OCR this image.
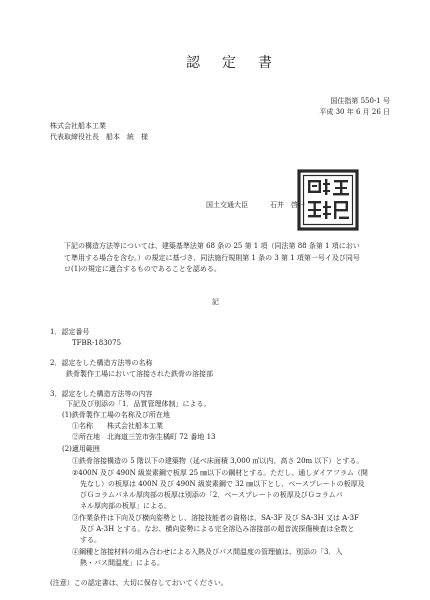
認　定　書
国住指第 550-1 号
平成 30 年 6 月 26 日
株式会社船本工業
代表取締役社長　船本　統　様
国土交通大臣	石井　啓一
下記の構造方法等については、建築基準法第 68 条の 25 第 1 項（同法第 88 条第 1 項におい
て準用する場合を含む。）の規定に基づき、同法施行規則第 1 条の 3 第 1 項第一号イ及び同号
ロ(1)の規定に適合するものであることを認める。
記
1．認定番号
TFBR-183075
2．認定をした構造方法等の名称
鉄骨製作工場において溶接された鉄骨の溶接部
3．認定をした構造方法等の内容
下記及び別添の「1．品質管理体制」による。
(1)鉄骨製作工場の名称及び所在地
①名称　　株式会社船本工業
②所在地　北海道三笠市弥生橘町 72 番地 13
(2)適用範囲
①鉄骨溶接構造の 5 階以下の建築物（延べ床面積 3,000 ㎡以内、高さ 20m 以下）とする。
②400N 及び 490N 級炭素鋼で板厚 25 ㎜以下の鋼材とする。ただし、通しダイアフラム（開
先なし）の板厚は 400N 及び 490N 級炭素鋼で 32 ㎜以下とし、ベースプレートの板厚及
びＧコラムパネル厚肉部の板厚は別添の「2．ベースプレートの板厚及びＧコラムパ
ネル厚肉部の板厚」による。
③作業条件は下向及び横向姿勢とし、溶接技能者の資格は、SA-3F 及び SA-3H 又は A-3F
及び A-3H とする。なお、横向姿勢による完全溶込み溶接部の超音波探傷検査は全数と
する。
④鋼種と溶接材料の組み合わせによる入熱及びパス間温度の管理値は、別添の「3．入
熱・パス間温度」による。
(注意）この認定書は、大切に保存しておいてください。
